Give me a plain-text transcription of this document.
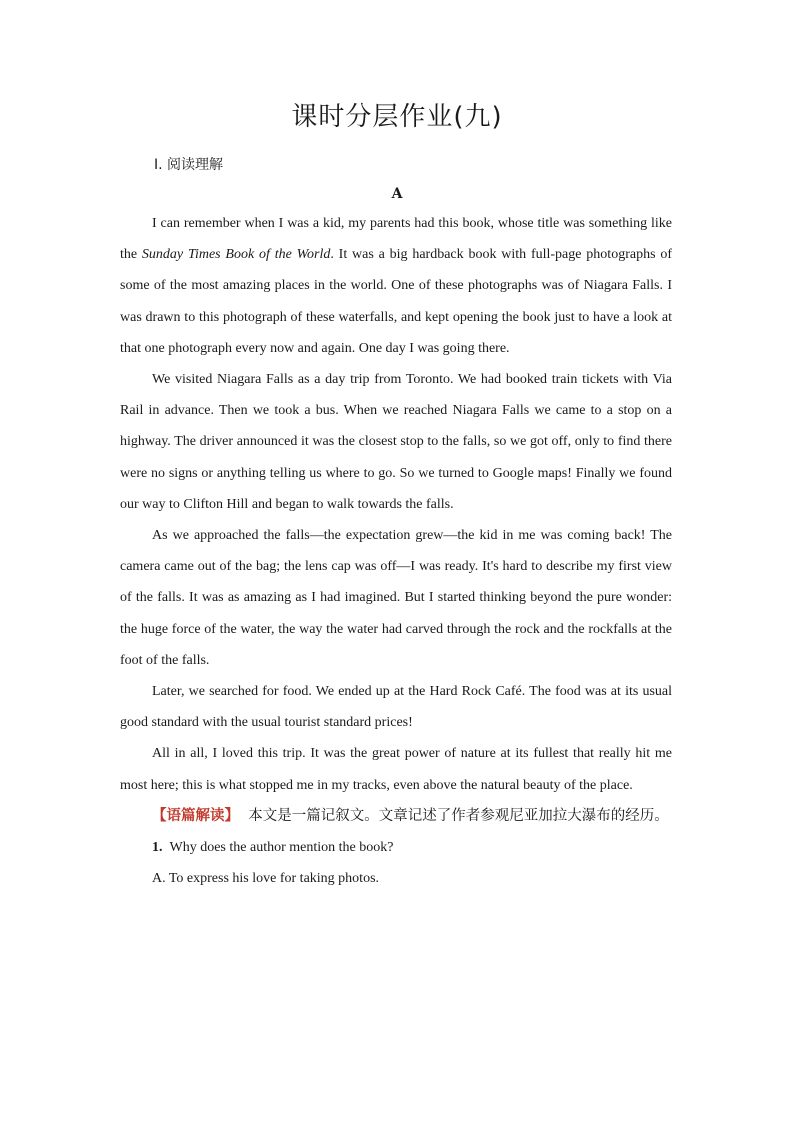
课时分层作业(九)
Ⅰ. 阅读理解
A

I can remember when I was a kid, my parents had this book, whose title was something like the Sunday Times Book of the World. It was a big hardback book with full-page photographs of some of the most amazing places in the world. One of these photographs was of Niagara Falls. I was drawn to this photograph of these waterfalls, and kept opening the book just to have a look at that one photograph every now and again. One day I was going there.

We visited Niagara Falls as a day trip from Toronto. We had booked train tickets with Via Rail in advance. Then we took a bus. When we reached Niagara Falls we came to a stop on a highway. The driver announced it was the closest stop to the falls, so we got off, only to find there were no signs or anything telling us where to go. So we turned to Google maps! Finally we found our way to Clifton Hill and began to walk towards the falls.

As we approached the falls—the expectation grew—the kid in me was coming back! The camera came out of the bag; the lens cap was off—I was ready. It's hard to describe my first view of the falls. It was as amazing as I had imagined. But I started thinking beyond the pure wonder: the huge force of the water, the way the water had carved through the rock and the rockfalls at the foot of the falls.

Later, we searched for food. We ended up at the Hard Rock Café. The food was at its usual good standard with the usual tourist standard prices!

All in all, I loved this trip. It was the great power of nature at its fullest that really hit me most here; this is what stopped me in my tracks, even above the natural beauty of the place.

【语篇解读】 本文是一篇记叙文。文章记述了作者参观尼亚加拉大瀑布的经历。

1. Why does the author mention the book?

A. To express his love for taking photos.
